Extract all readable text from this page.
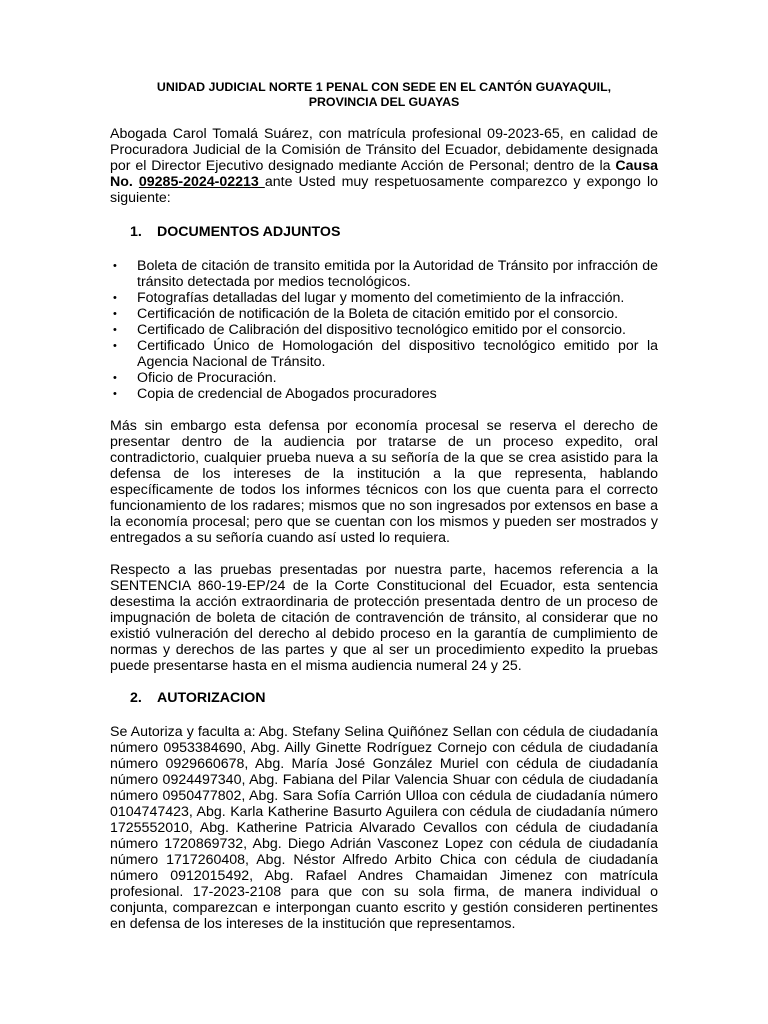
UNIDAD JUDICIAL NORTE 1 PENAL CON SEDE EN EL CANTÓN GUAYAQUIL,
PROVINCIA DEL GUAYAS

Abogada Carol Tomalá Suárez, con matrícula profesional 09-2023-65, en calidad de Procuradora Judicial de la Comisión de Tránsito del Ecuador, debidamente designada por el Director Ejecutivo designado mediante Acción de Personal; dentro de la Causa No. 09285-2024-02213 ante Usted muy respetuosamente comparezco y expongo lo siguiente:

1.	DOCUMENTOS ADJUNTOS
• Boleta de citación de transito emitida por la Autoridad de Tránsito por infracción de tránsito detectada por medios tecnológicos.
• Fotografías detalladas del lugar y momento del cometimiento de la infracción.
• Certificación de notificación de la Boleta de citación emitido por el consorcio.
• Certificado de Calibración del dispositivo tecnológico emitido por el consorcio.
• Certificado Único de Homologación del dispositivo tecnológico emitido por la Agencia Nacional de Tránsito.
• Oficio de Procuración.
• Copia de credencial de Abogados procuradores

Más sin embargo esta defensa por economía procesal se reserva el derecho de presentar dentro de la audiencia por tratarse de un proceso expedito, oral contradictorio, cualquier prueba nueva a su señoría de la que se crea asistido para la defensa de los intereses de la institución a la que representa, hablando específicamente de todos los informes técnicos con los que cuenta para el correcto funcionamiento de los radares; mismos que no son ingresados por extensos en base a la economía procesal; pero que se cuentan con los mismos y pueden ser mostrados y entregados a su señoría cuando así usted lo requiera.

Respecto a las pruebas presentadas por nuestra parte, hacemos referencia a la SENTENCIA 860-19-EP/24 de la Corte Constitucional del Ecuador, esta sentencia desestima la acción extraordinaria de protección presentada dentro de un proceso de impugnación de boleta de citación de contravención de tránsito, al considerar que no existió vulneración del derecho al debido proceso en la garantía de cumplimiento de normas y derechos de las partes y que al ser un procedimiento expedito la pruebas puede presentarse hasta en el misma audiencia numeral 24 y 25.

2.	AUTORIZACION

Se Autoriza y faculta a: Abg. Stefany Selina Quiñónez Sellan con cédula de ciudadanía número 0953384690, Abg. Ailly Ginette Rodríguez Cornejo con cédula de ciudadanía número 0929660678, Abg. María José González Muriel con cédula de ciudadanía número 0924497340, Abg. Fabiana del Pilar Valencia Shuar con cédula de ciudadanía número 0950477802, Abg. Sara Sofía Carrión Ulloa con cédula de ciudadanía número 0104747423, Abg. Karla Katherine Basurto Aguilera con cédula de ciudadanía número 1725552010, Abg. Katherine Patricia Alvarado Cevallos con cédula de ciudadanía número 1720869732, Abg. Diego Adrián Vasconez Lopez con cédula de ciudadanía número 1717260408, Abg. Néstor Alfredo Arbito Chica con cédula de ciudadanía número 0912015492, Abg. Rafael Andres Chamaidan Jimenez con matrícula profesional. 17-2023-2108 para que con su sola firma, de manera individual o conjunta, comparezcan e interpongan cuanto escrito y gestión consideren pertinentes en defensa de los intereses de la institución que representamos.
